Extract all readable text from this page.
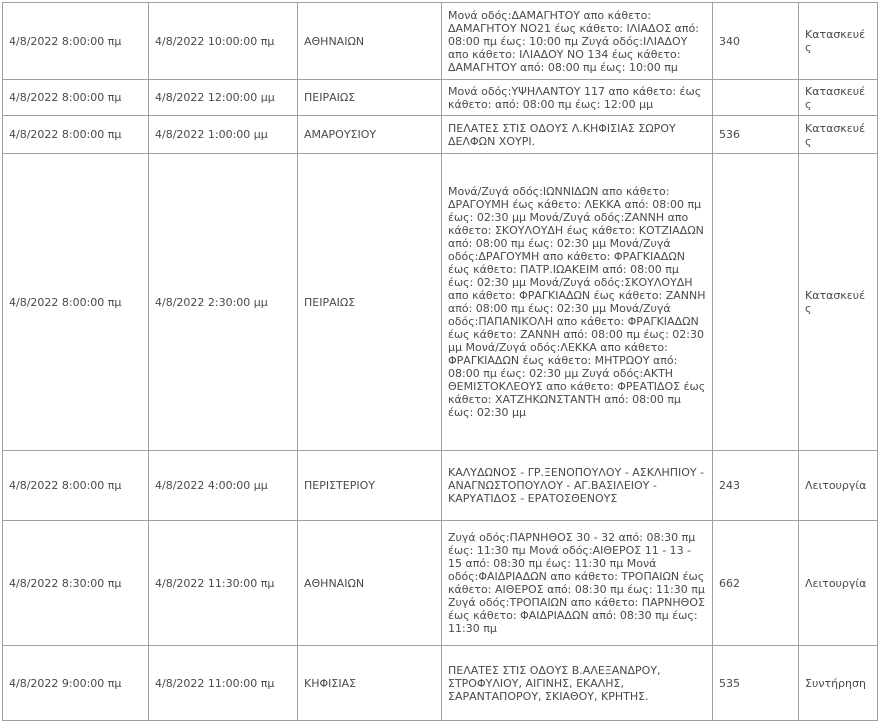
4/8/2022 8:00:00 πμ	4/8/2022 10:00:00 πμ	ΑΘΗΝΑΙΩΝ	Μονά οδός:ΔΑΜΑΓΗΤΟΥ απο κάθετο: ΔΑΜΑΓΗΤΟΥ ΝΟ21 έως κάθετο: ΙΛΙΑΔΟΣ από: 08:00 πμ έως: 10:00 πμ Ζυγά οδός:ΙΛΙΑΔΟΥ απο κάθετο: ΙΛΙΑΔΟΥ ΝΟ 134 έως κάθετο: ΔΑΜΑΓΗΤΟΥ από: 08:00 πμ έως: 10:00 πμ	340	Κατασκευές
4/8/2022 8:00:00 πμ	4/8/2022 12:00:00 μμ	ΠΕΙΡΑΙΩΣ	Μονά οδός:ΥΨΗΛΑΝΤΟΥ 117 απο κάθετο: έως κάθετο: από: 08:00 πμ έως: 12:00 μμ		Κατασκευές
4/8/2022 8:00:00 πμ	4/8/2022 1:00:00 μμ	ΑΜΑΡΟΥΣΙΟΥ	ΠΕΛΑΤΕΣ ΣΤΙΣ ΟΔΟΥΣ Λ.ΚΗΦΙΣΙΑΣ ΣΩΡΟΥ ΔΕΛΦΩΝ ΧΟΥΡΙ.	536	Κατασκευές
4/8/2022 8:00:00 πμ	4/8/2022 2:30:00 μμ	ΠΕΙΡΑΙΩΣ	Μονά/Ζυγά οδός:ΙΩΝΝΙΔΩΝ απο κάθετο: ΔΡΑΓΟΥΜΗ έως κάθετο: ΛΕΚΚΑ από: 08:00 πμ έως: 02:30 μμ Μονά/Ζυγά οδός:ΖΑΝΝΗ απο κάθετο: ΣΚΟΥΛΟΥΔΗ έως κάθετο: ΚΟΤΖΙΑΔΩΝ από: 08:00 πμ έως: 02:30 μμ Μονά/Ζυγά οδός:ΔΡΑΓΟΥΜΗ απο κάθετο: ΦΡΑΓΚΙΑΔΩΝ έως κάθετο: ΠΑΤΡ.ΙΩΑΚΕΙΜ από: 08:00 πμ έως: 02:30 μμ Μονά/Ζυγά οδός:ΣΚΟΥΛΟΥΔΗ απο κάθετο: ΦΡΑΓΚΙΑΔΩΝ έως κάθετο: ΖΑΝΝΗ από: 08:00 πμ έως: 02:30 μμ Μονά/Ζυγά οδός:ΠΑΠΑΝΙΚΟΛΗ απο κάθετο: ΦΡΑΓΚΙΑΔΩΝ έως κάθετο: ΖΑΝΝΗ από: 08:00 πμ έως: 02:30 μμ Μονά/Ζυγά οδός:ΛΕΚΚΑ απο κάθετο: ΦΡΑΓΚΙΑΔΩΝ έως κάθετο: ΜΗΤΡΩΟΥ από: 08:00 πμ έως: 02:30 μμ Ζυγά οδός:ΑΚΤΗ ΘΕΜΙΣΤΟΚΛΕΟΥΣ απο κάθετο: ΦΡΕΑΤΙΔΟΣ έως κάθετο: ΧΑΤΖΗΚΩΝΣΤΑΝΤΗ από: 08:00 πμ έως: 02:30 μμ		Κατασκευές
4/8/2022 8:00:00 πμ	4/8/2022 4:00:00 μμ	ΠΕΡΙΣΤΕΡΙΟΥ	ΚΑΛΥΔΩΝΟΣ - ΓΡ.ΞΕΝΟΠΟΥΛΟΥ - ΑΣΚΛΗΠΙΟΥ - ΑΝΑΓΝΩΣΤΟΠΟΥΛΟΥ - ΑΓ.ΒΑΣΙΛΕΙΟΥ - ΚΑΡΥΑΤΙΔΟΣ - ΕΡΑΤΟΣΘΕΝΟΥΣ	243	Λειτουργία
4/8/2022 8:30:00 πμ	4/8/2022 11:30:00 πμ	ΑΘΗΝΑΙΩΝ	Ζυγά οδός:ΠΑΡΝΗΘΟΣ 30 - 32 από: 08:30 πμ έως: 11:30 πμ Μονά οδός:ΑΙΘΕΡΟΣ 11 - 13 - 15 από: 08:30 πμ έως: 11:30 πμ Μονά οδός:ΦΑΙΔΡΙΑΔΩΝ απο κάθετο: ΤΡΟΠΑΙΩΝ έως κάθετο: ΑΙΘΕΡΟΣ από: 08:30 πμ έως: 11:30 πμ Ζυγά οδός:ΤΡΟΠΑΙΩΝ απο κάθετο: ΠΑΡΝΗΘΟΣ έως κάθετο: ΦΑΙΔΡΙΑΔΩΝ από: 08:30 πμ έως: 11:30 πμ	662	Λειτουργία
4/8/2022 9:00:00 πμ	4/8/2022 11:00:00 πμ	ΚΗΦΙΣΙΑΣ	ΠΕΛΑΤΕΣ ΣΤΙΣ ΟΔΟΥΣ Β.ΑΛΕΞΑΝΔΡΟΥ, ΣΤΡΟΦΥΛΙΟΥ, ΑΙΓΙΝΗΣ, ΕΚΑΛΗΣ, ΣΑΡΑΝΤΑΠΟΡΟΥ, ΣΚΙΑΘΟΥ, ΚΡΗΤΗΣ.	535	Συντήρηση
